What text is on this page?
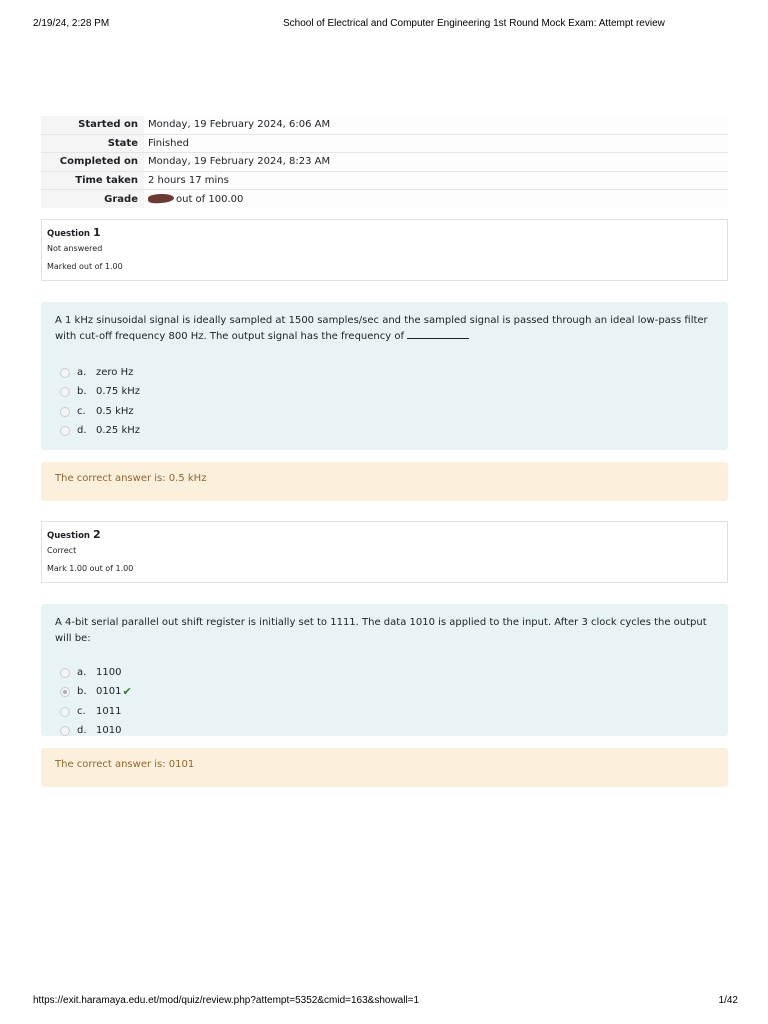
2/19/24, 2:28 PM	School of Electrical and Computer Engineering 1st Round Mock Exam: Attempt review
Started on	Monday, 19 February 2024, 6:06 AM
State	Finished
Completed on	Monday, 19 February 2024, 8:23 AM
Time taken	2 hours 17 mins
Grade	out of 100.00
Question 1
Not answered
Marked out of 1.00
A 1 kHz sinusoidal signal is ideally sampled at 1500 samples/sec and the sampled signal is passed through an ideal low-pass filter with cut-off frequency 800 Hz. The output signal has the frequency of
a. zero Hz
b. 0.75 kHz
c.	0.5 kHz
d. 0.25 kHz
The correct answer is: 0.5 kHz
Question 2
Correct
Mark 1.00 out of 1.00
A 4-bit serial parallel out shift register is initially set to 1111. The data 1010 is applied to the input. After 3 clock cycles the output will be:
a. 1100
b. 0101 ✔
c.	1011
d. 1010
The correct answer is: 0101
https://exit.haramaya.edu.et/mod/quiz/review.php?attempt=5352&cmid=163&showall=1	1/42
